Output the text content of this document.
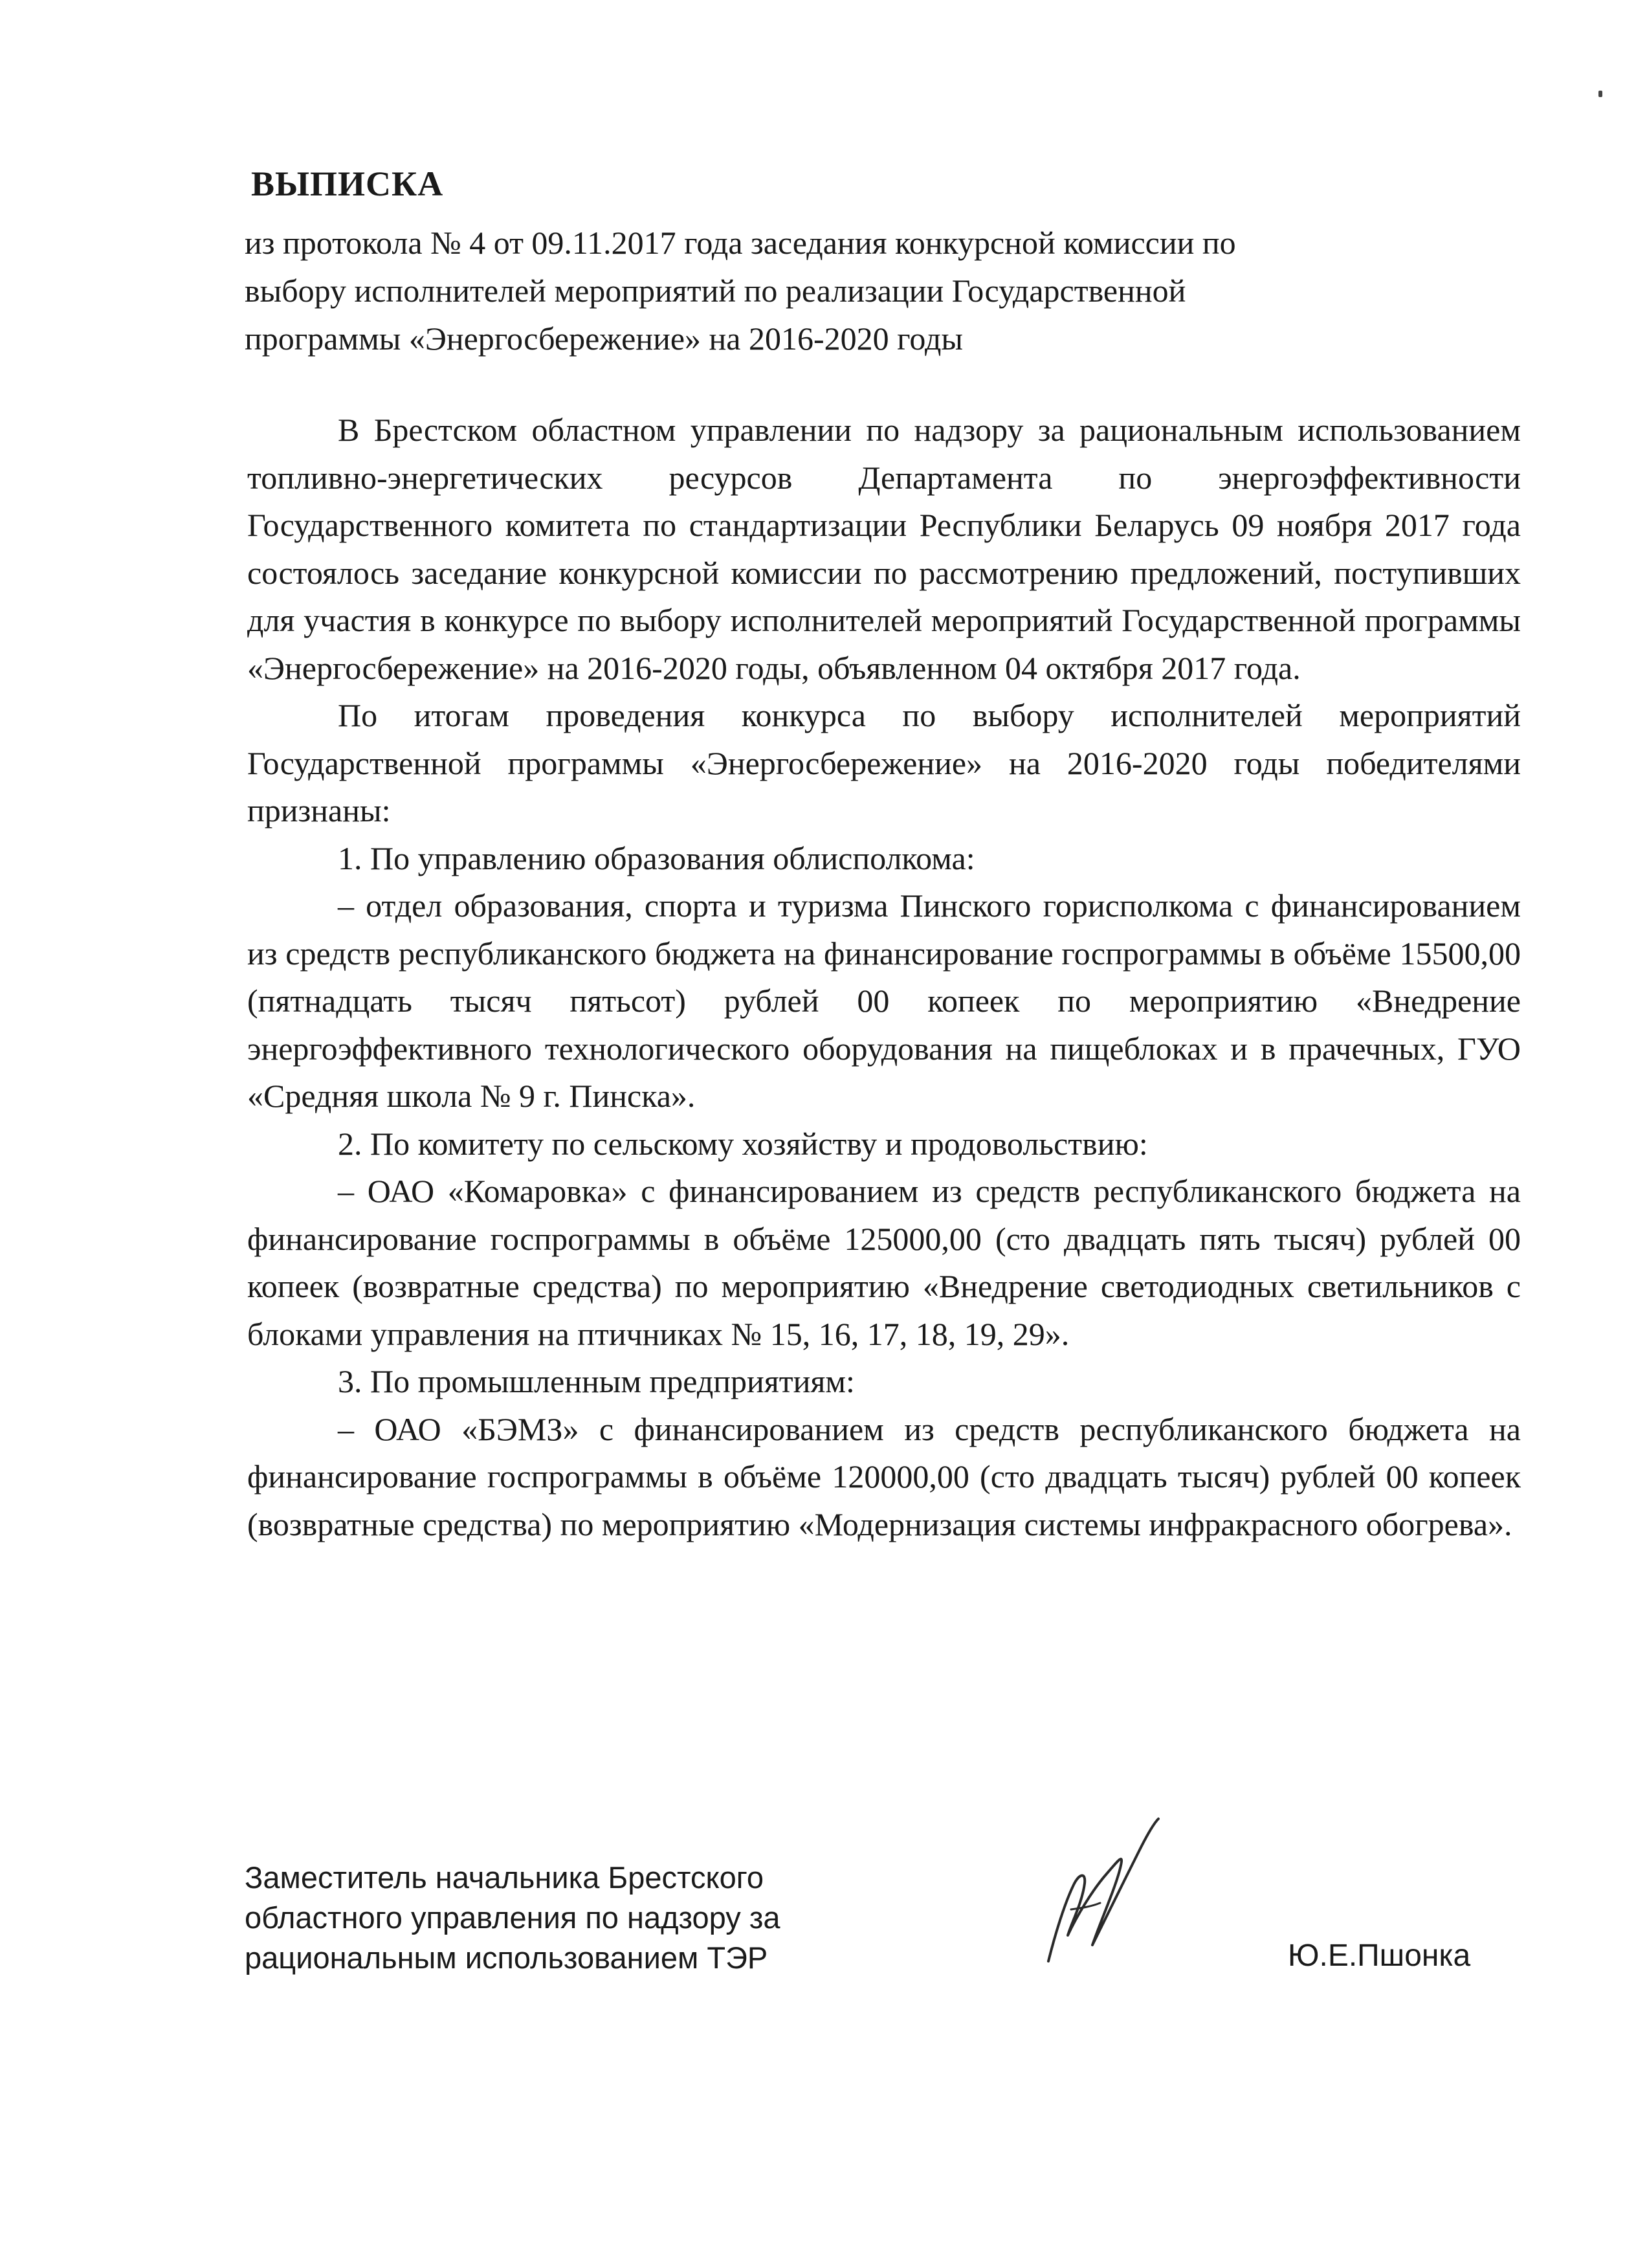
ВЫПИСКА
из протокола № 4 от 09.11.2017 года заседания конкурсной комиссии по
выбору исполнителей мероприятий по реализации Государственной
программы «Энергосбережение» на 2016-2020 годы

В Брестском областном управлении по надзору за рациональным использованием топливно-энергетических ресурсов Департамента по энергоэффективности Государственного комитета по стандартизации Республики Беларусь 09 ноября 2017 года состоялось заседание конкурсной комиссии по рассмотрению предложений, поступивших для участия в конкурсе по выбору исполнителей мероприятий Государственной программы «Энергосбережение» на 2016-2020 годы, объявленном 04 октября 2017 года.

По итогам проведения конкурса по выбору исполнителей мероприятий Государственной программы «Энергосбережение» на 2016-2020 годы победителями признаны:

1. По управлению образования облисполкома:

– отдел образования, спорта и туризма Пинского горисполкома с финансированием из средств республиканского бюджета на финансирование госпрограммы в объёме 15500,00 (пятнадцать тысяч пятьсот) рублей 00 копеек по мероприятию «Внедрение энергоэффективного технологического оборудования на пищеблоках и в прачечных, ГУО «Средняя школа № 9 г. Пинска».

2. По комитету по сельскому хозяйству и продовольствию:

– ОАО «Комаровка» с финансированием из средств республиканского бюджета на финансирование госпрограммы в объёме 125000,00 (сто двадцать пять тысяч) рублей 00 копеек (возвратные средства) по мероприятию «Внедрение светодиодных светильников с блоками управления на птичниках № 15, 16, 17, 18, 19, 29».

3. По промышленным предприятиям:

– ОАО «БЭМЗ» с финансированием из средств республиканского бюджета на финансирование госпрограммы в объёме 120000,00 (сто двадцать тысяч) рублей 00 копеек (возвратные средства) по мероприятию «Модернизация системы инфракрасного обогрева».

Заместитель начальника Брестского
областного управления по надзору за
рациональным использованием ТЭР	Ю.Е.Пшонка
